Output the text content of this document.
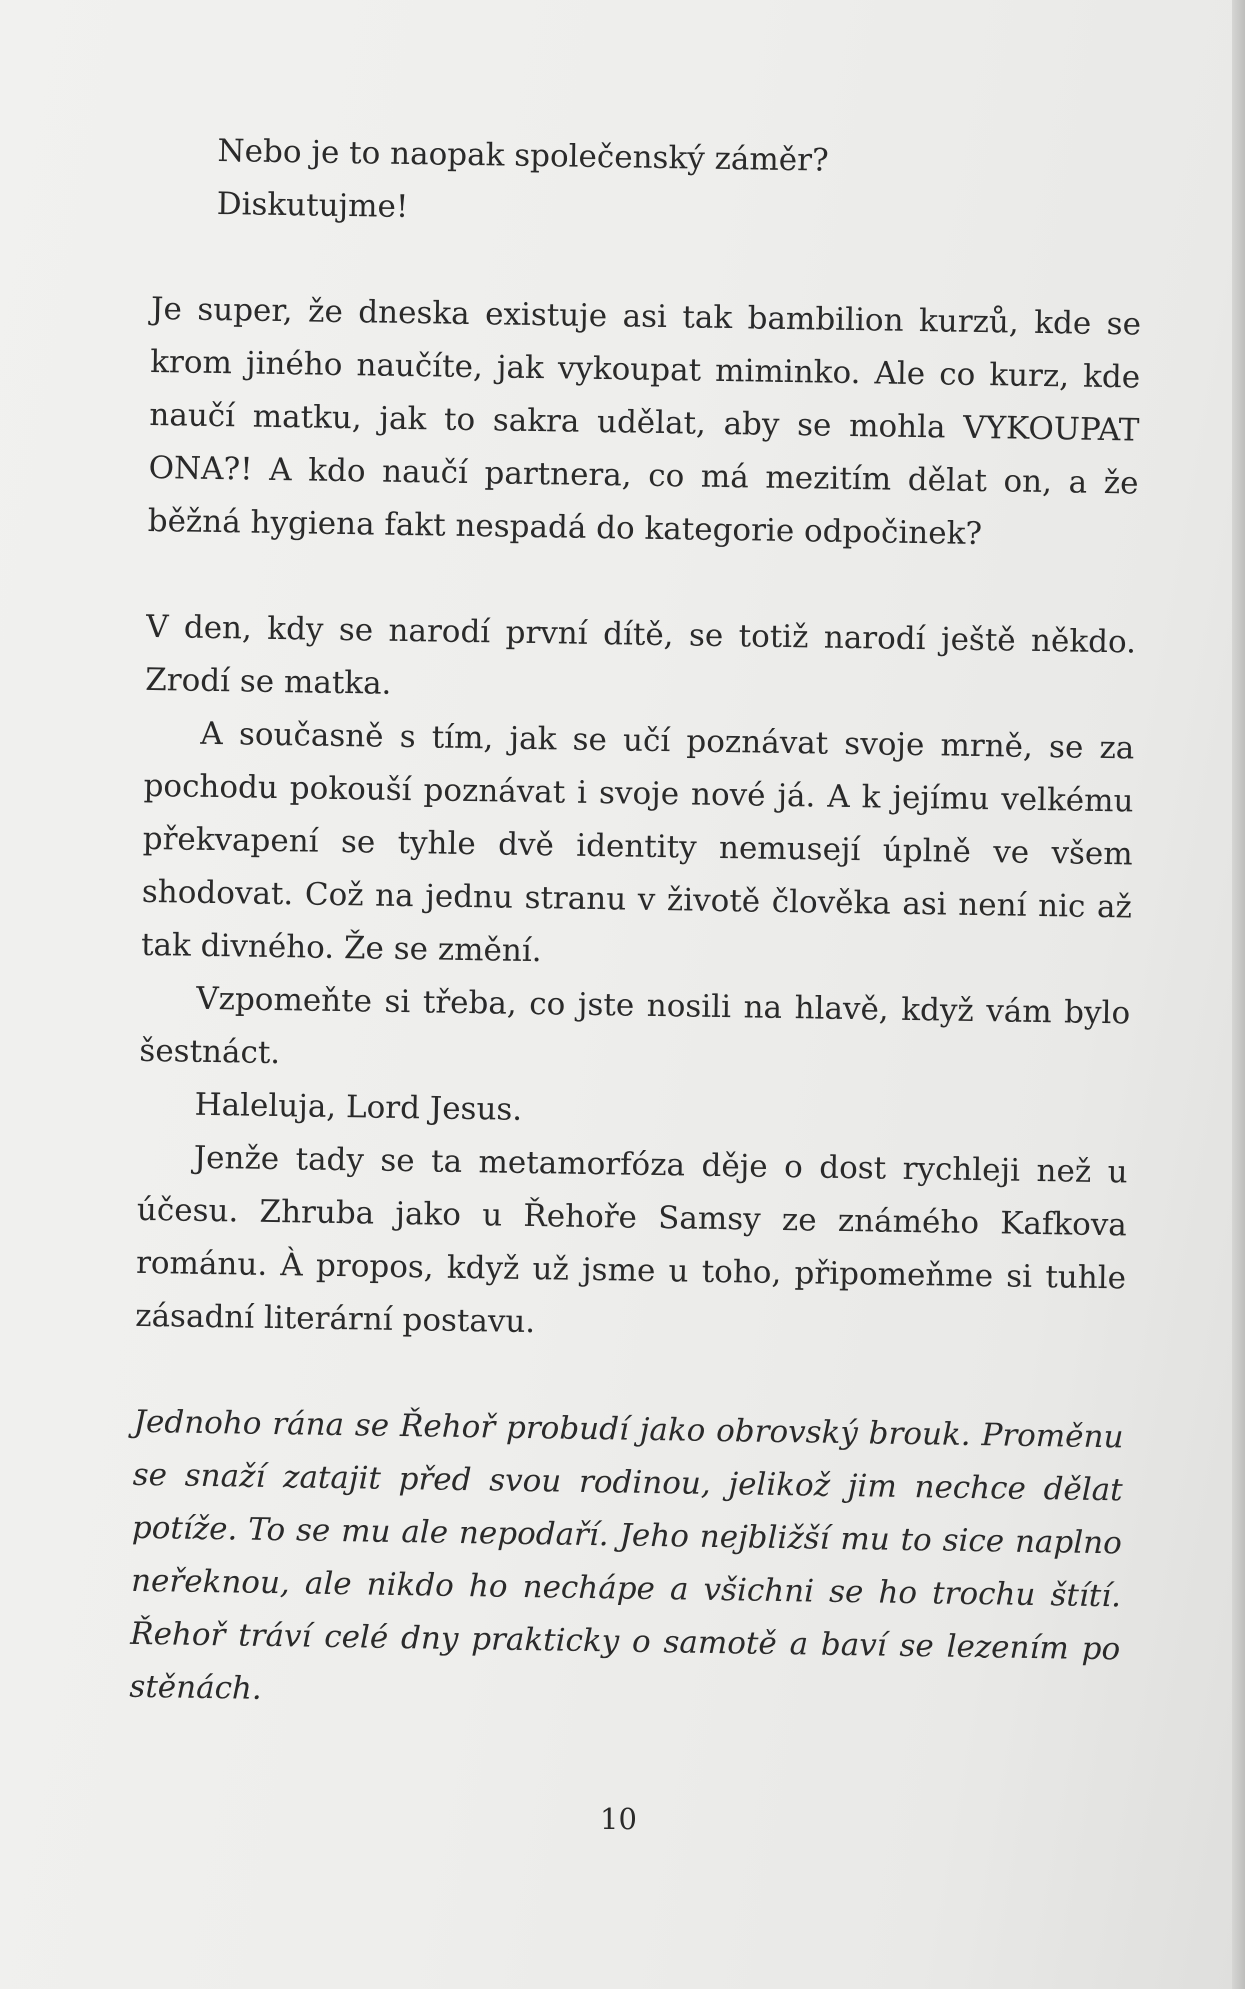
Nebo je to naopak společenský záměr?

Diskutujme!

Je super, že dneska existuje asi tak bambilion kurzů, kde se krom jiného naučíte, jak vykoupat miminko. Ale co kurz, kde naučí matku, jak to sakra udělat, aby se mohla VYKOUPAT ONA?! A kdo naučí partnera, co má mezitím dělat on, a že běžná hygiena fakt nespadá do kategorie odpočinek?

V den, kdy se narodí první dítě, se totiž narodí ještě někdo. Zrodí se matka.

A současně s tím, jak se učí poznávat svoje mrně, se za pochodu pokouší poznávat i svoje nové já. A k jejímu velkému překvapení se tyhle dvě identity nemusejí úplně ve všem shodovat. Což na jednu stranu v životě člověka asi není nic až tak divného. Že se změní.

Vzpomeňte si třeba, co jste nosili na hlavě, když vám bylo šestnáct.

Haleluja, Lord Jesus.

Jenže tady se ta metamorfóza děje o dost rychleji než u účesu. Zhruba jako u Řehoře Samsy ze známého Kafkova románu. À propos, když už jsme u toho, připomeňme si tuhle zásadní literární postavu.

Jednoho rána se Řehoř probudí jako obrovský brouk. Proměnu se snaží zatajit před svou rodinou, jelikož jim nechce dělat potíže. To se mu ale nepodaří. Jeho nejbližší mu to sice naplno neřeknou, ale nikdo ho nechápe a všichni se ho trochu štítí. Řehoř tráví celé dny prakticky o samotě a baví se lezením po stěnách.

10
